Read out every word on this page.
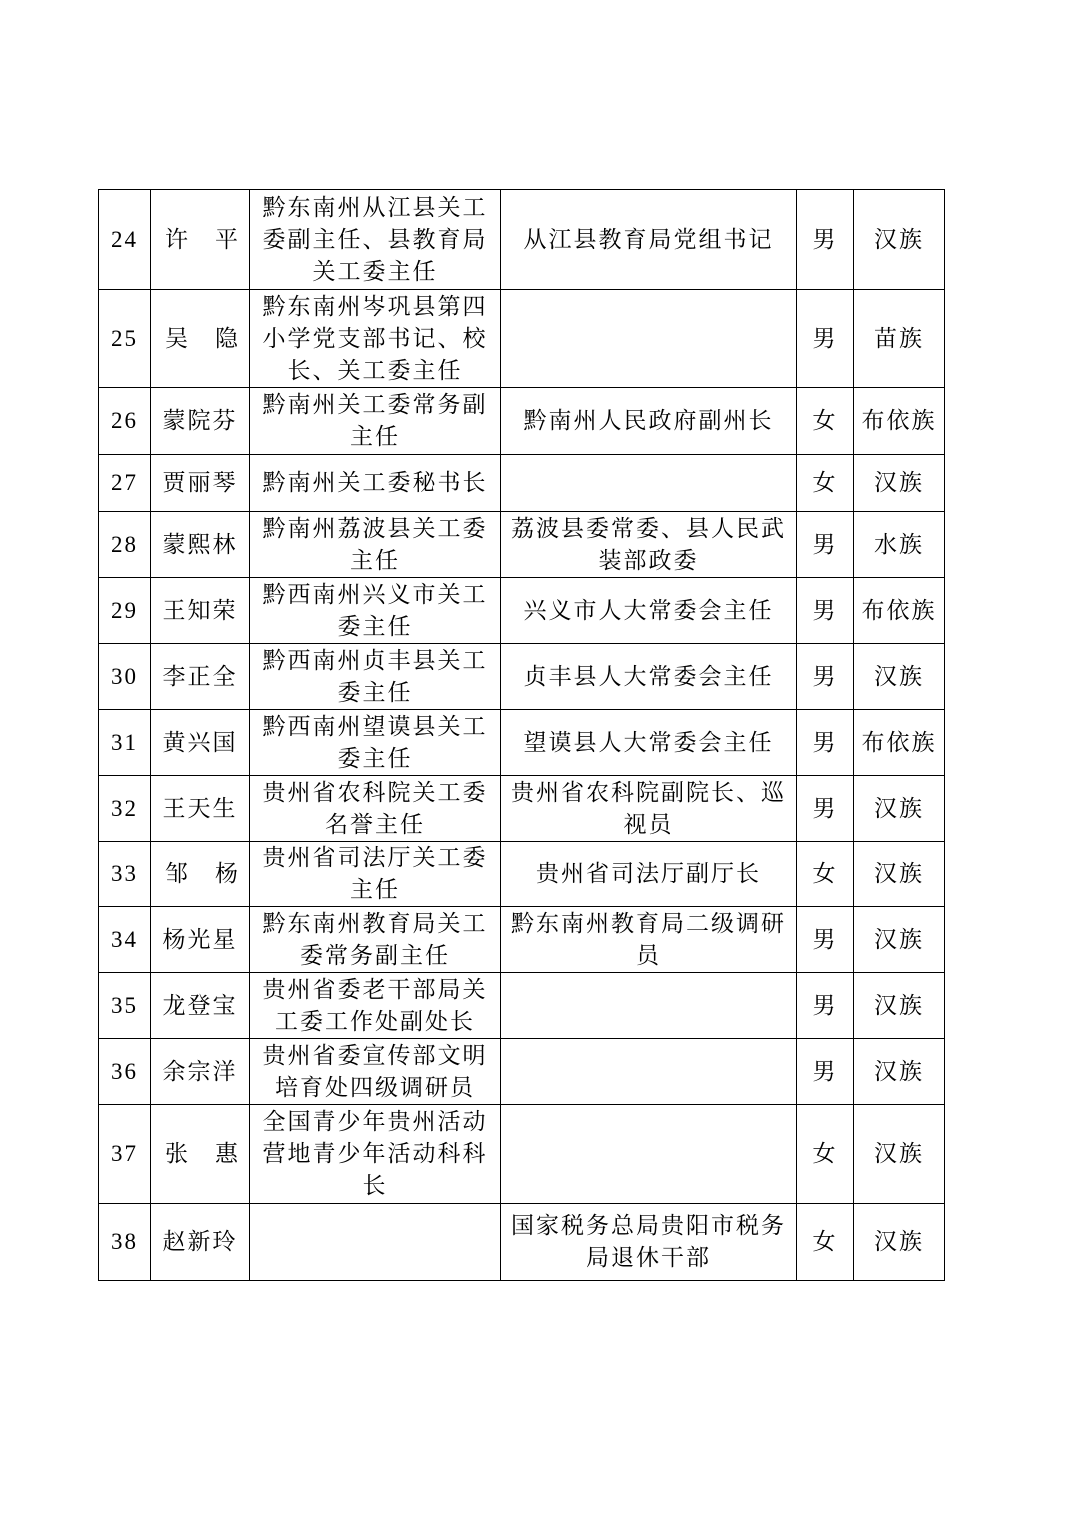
24	许　平	黔东南州从江县关工委副主任、县教育局关工委主任	从江县教育局党组书记	男	汉族
25	吴　隐	黔东南州岑巩县第四小学党支部书记、校长、关工委主任		男	苗族
26	蒙院芬	黔南州关工委常务副主任	黔南州人民政府副州长	女	布依族
27	贾丽琴	黔南州关工委秘书长		女	汉族
28	蒙熙林	黔南州荔波县关工委主任	荔波县委常委、县人民武装部政委	男	水族
29	王知荣	黔西南州兴义市关工委主任	兴义市人大常委会主任	男	布依族
30	李正全	黔西南州贞丰县关工委主任	贞丰县人大常委会主任	男	汉族
31	黄兴国	黔西南州望谟县关工委主任	望谟县人大常委会主任	男	布依族
32	王天生	贵州省农科院关工委名誉主任	贵州省农科院副院长、巡视员	男	汉族
33	邹　杨	贵州省司法厅关工委主任	贵州省司法厅副厅长	女	汉族
34	杨光星	黔东南州教育局关工委常务副主任	黔东南州教育局二级调研员	男	汉族
35	龙登宝	贵州省委老干部局关工委工作处副处长		男	汉族
36	余宗洋	贵州省委宣传部文明培育处四级调研员		男	汉族
37	张　惠	全国青少年贵州活动营地青少年活动科科长		女	汉族
38	赵新玲		国家税务总局贵阳市税务局退休干部	女	汉族
